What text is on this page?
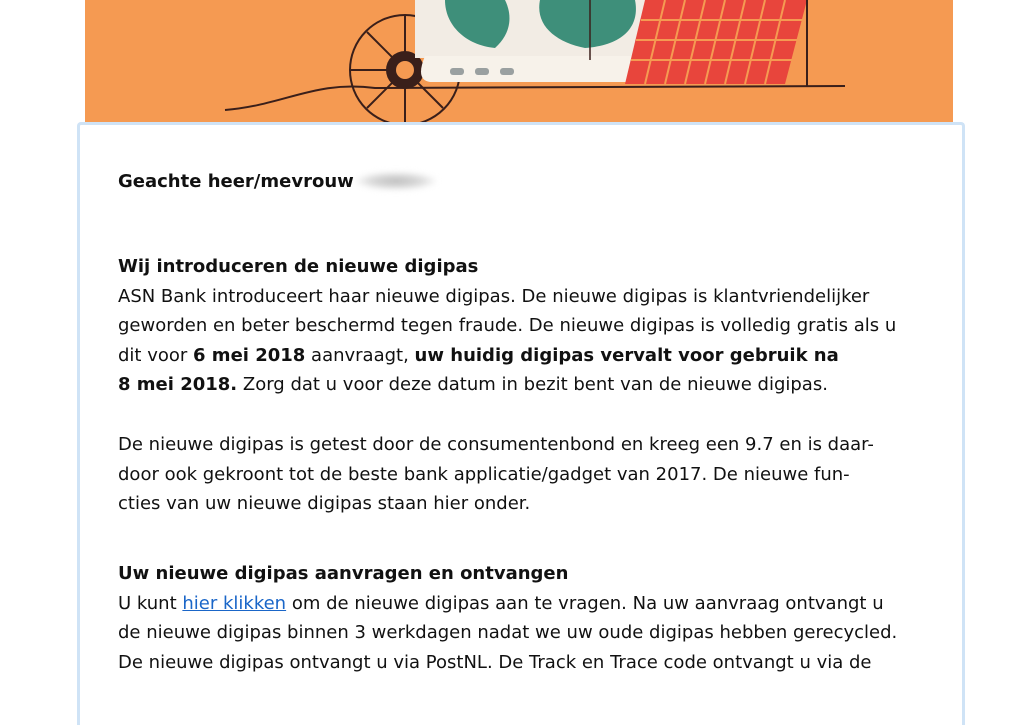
Geachte heer/mevrouw
Wij introduceren de nieuwe digipas
ASN Bank introduceert haar nieuwe digipas. De nieuwe digipas is klantvriendelijker
geworden en beter beschermd tegen fraude. De nieuwe digipas is volledig gratis als u
dit voor 6 mei 2018 aanvraagt, uw huidig digipas vervalt voor gebruik na
8 mei 2018. Zorg dat u voor deze datum in bezit bent van de nieuwe digipas.
De nieuwe digipas is getest door de consumentenbond en kreeg een 9.7 en is daar-
door ook gekroont tot de beste bank applicatie/gadget van 2017. De nieuwe fun-
cties van uw nieuwe digipas staan hier onder.
Uw nieuwe digipas aanvragen en ontvangen
U kunt hier klikken om de nieuwe digipas aan te vragen. Na uw aanvraag ontvangt u
de nieuwe digipas binnen 3 werkdagen nadat we uw oude digipas hebben gerecycled.
De nieuwe digipas ontvangt u via PostNL. De Track en Trace code ontvangt u via de
